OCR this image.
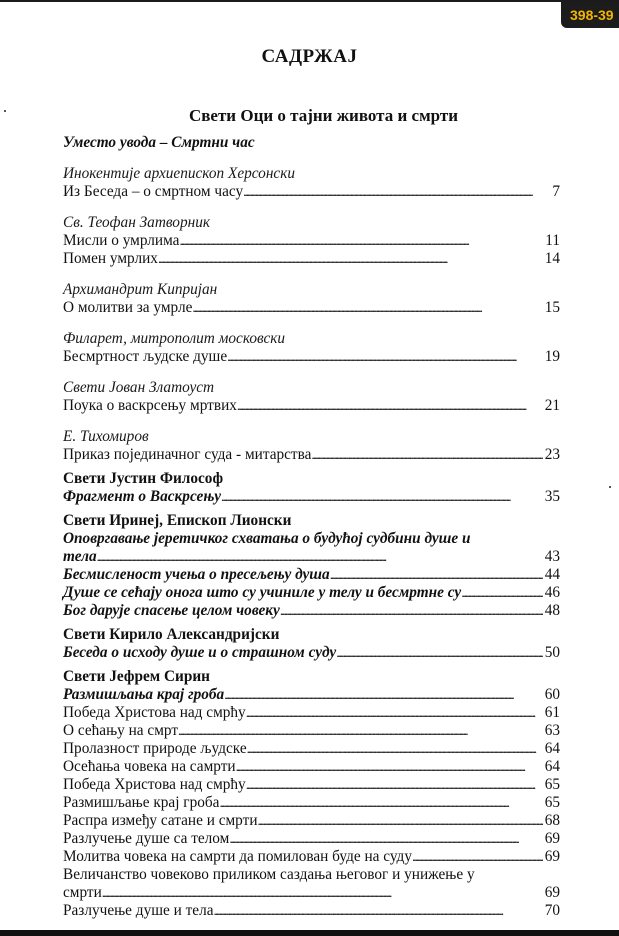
398-39
САДРЖАЈ
Свети Оци о тајни живота и смрти
Уместо увода – Смртни час
Инокентије архиепископ Херсонски
Из Беседа – о смртном часу . . .	7
Св. Теофан Затворник
Мисли о умрлима . . .	11
Помен умрлих . . .	14
Архимандрит Кипријан
О молитви за умрле . . .	15
Филарет, митрополит московски
Бесмртност људске душе . . .	19
Свети Јован Златоуст
Поука о васкрсењу мртвих . . .	21
Е. Тихомиров
Приказ појединачног суда - митарства . . .	23
Свети Јустин Философ
Фрагмент о Васкрсењу . . .	35
Свети Иринеј, Епископ Лионски
Оповргавање јеретичког схватања о будућој судбини душе и
тела . . .	43
Бесмисленост учења о пресељењу душа . . .	44
Душе се сећају онога што су учиниле у телу и бесмртне су . . .	46
Бог дарује спасење целом човеку . . .	48
Свети Кирило Александријски
Беседа о исходу душе и о страшном суду . . .	50
Свети Јефрем Сирин
Размишљања крај гроба . . .	60
Победа Христова над смрћу . . .	61
О сећању на смрт . . .	63
Пролазност природе људске . . .	64
Осећања човека на самрти . . .	64
Победа Христова над смрћу . . .	65
Размишљање крај гроба . . .	65
Распра између сатане и смрти . . .	68
Разлучење душе са телом . . .	69
Молитва човека на самрти да помилован буде на суду . . .	69
Величанство човеково приликом саздања његовог и унижење у
смрти . . .	69
Разлучење душе и тела . . .	70
